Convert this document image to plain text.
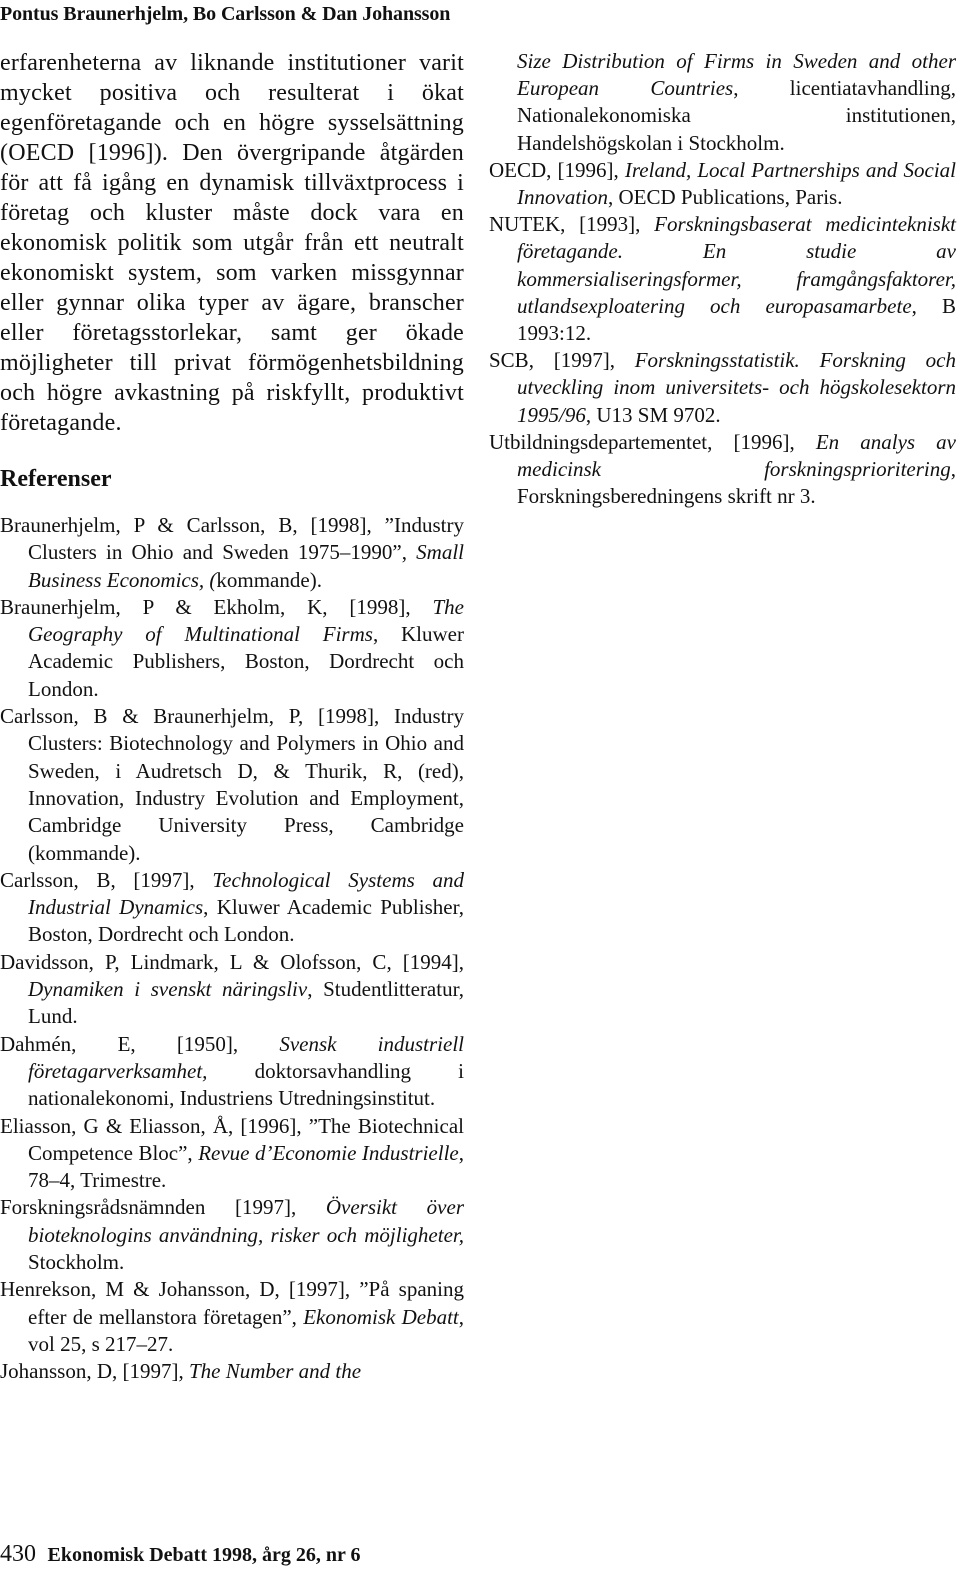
Pontus Braunerhjelm, Bo Carlsson & Dan Johansson

erfarenheterna av liknande institutioner varit mycket positiva och resulterat i ökat egenföretagande och en högre sysselsättning (OECD [1996]). Den övergripande åtgärden för att få igång en dynamisk tillväxtprocess i företag och kluster måste dock vara en ekonomisk politik som utgår från ett neutralt ekonomiskt system, som varken missgynnar eller gynnar olika typer av ägare, branscher eller företagsstorlekar, samt ger ökade möjligheter till privat förmögenhetsbildning och högre avkastning på riskfyllt, produktivt företagande.

Referenser

Braunerhjelm, P & Carlsson, B, [1998], ”Industry Clusters in Ohio and Sweden 1975–1990”, Small Business Economics, (kommande).

Braunerhjelm, P & Ekholm, K, [1998], The Geography of Multinational Firms, Kluwer Academic Publishers, Boston, Dordrecht och London.

Carlsson, B & Braunerhjelm, P, [1998], Industry Clusters: Biotechnology and Polymers in Ohio and Sweden, i Audretsch D, & Thurik, R, (red), Innovation, Industry Evolution and Employment, Cambridge University Press, Cambridge (kommande).

Carlsson, B, [1997], Technological Systems and Industrial Dynamics, Kluwer Academic Publisher, Boston, Dordrecht och London.

Davidsson, P, Lindmark, L & Olofsson, C, [1994], Dynamiken i svenskt näringsliv, Studentlitteratur, Lund.

Dahmén, E, [1950], Svensk industriell företagarverksamhet, doktorsavhandling i nationalekonomi, Industriens Utredningsinstitut.

Eliasson, G & Eliasson, Å, [1996], ”The Biotechnical Competence Bloc”, Revue d’Economie Industrielle, 78–4, Trimestre.

Forskningsrådsnämnden [1997], Översikt över bioteknologins användning, risker och möjligheter, Stockholm.

Henrekson, M & Johansson, D, [1997], ”På spaning efter de mellanstora företagen”, Ekonomisk Debatt, vol 25, s 217–27.

Johansson, D, [1997], The Number and the

Size Distribution of Firms in Sweden and other European Countries, licentiatavhandling, Nationalekonomiska institutionen, Handelshögskolan i Stockholm.

OECD, [1996], Ireland, Local Partnerships and Social Innovation, OECD Publications, Paris.

NUTEK, [1993], Forskningsbaserat medicintekniskt företagande. En studie av kommersialiseringsformer, framgångsfaktorer, utlandsexploatering och europasamarbete, B 1993:12.

SCB, [1997], Forskningsstatistik. Forskning och utveckling inom universitets- och högskolesektorn 1995/96, U13 SM 9702.

Utbildningsdepartementet, [1996], En analys av medicinsk forskningsprioritering, Forskningsberedningens skrift nr 3.

430 Ekonomisk Debatt 1998, årg 26, nr 6
